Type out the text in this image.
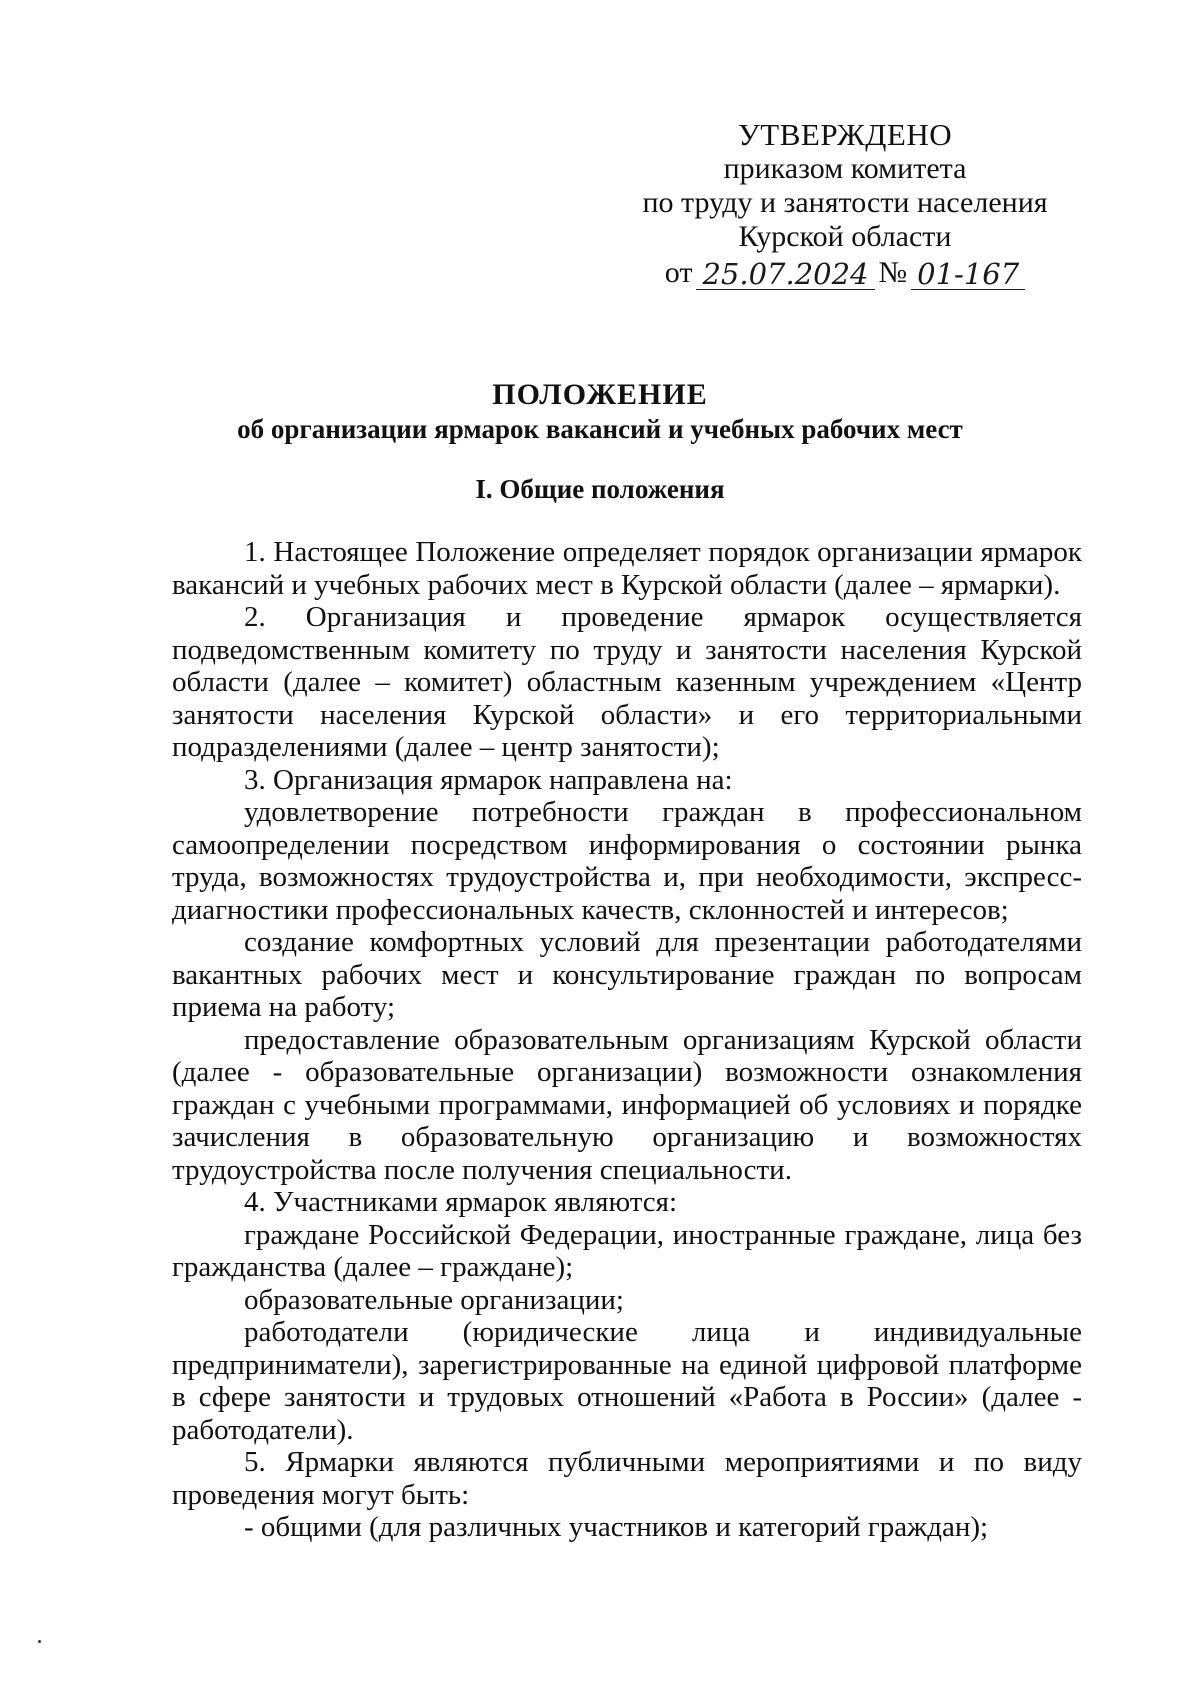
УТВЕРЖДЕНО
приказом комитета
по труду и занятости населения
Курской области
от 25.07.2024 № 01-167
ПОЛОЖЕНИЕ
об организации ярмарок вакансий и учебных рабочих мест
I. Общие положения
1. Настоящее Положение определяет порядок организации ярмарок вакансий и учебных рабочих мест в Курской области (далее – ярмарки).
2. Организация и проведение ярмарок осуществляется подведомственным комитету по труду и занятости населения Курской области (далее – комитет) областным казенным учреждением «Центр занятости населения Курской области» и его территориальными подразделениями (далее – центр занятости);
3. Организация ярмарок направлена на:
удовлетворение потребности граждан в профессиональном самоопределении посредством информирования о состоянии рынка труда, возможностях трудоустройства и, при необходимости, экспресс-диагностики профессиональных качеств, склонностей и интересов;
создание комфортных условий для презентации работодателями вакантных рабочих мест и консультирование граждан по вопросам приема на работу;
предоставление образовательным организациям Курской области (далее - образовательные организации) возможности ознакомления граждан с учебными программами, информацией об условиях и порядке зачисления в образовательную организацию и возможностях трудоустройства после получения специальности.
4. Участниками ярмарок являются:
граждане Российской Федерации, иностранные граждане, лица без гражданства (далее – граждане);
образовательные организации;
работодатели (юридические лица и индивидуальные предприниматели), зарегистрированные на единой цифровой платформе в сфере занятости и трудовых отношений «Работа в России» (далее - работодатели).
5. Ярмарки являются публичными мероприятиями и по виду проведения могут быть:
- общими (для различных участников и категорий граждан);
